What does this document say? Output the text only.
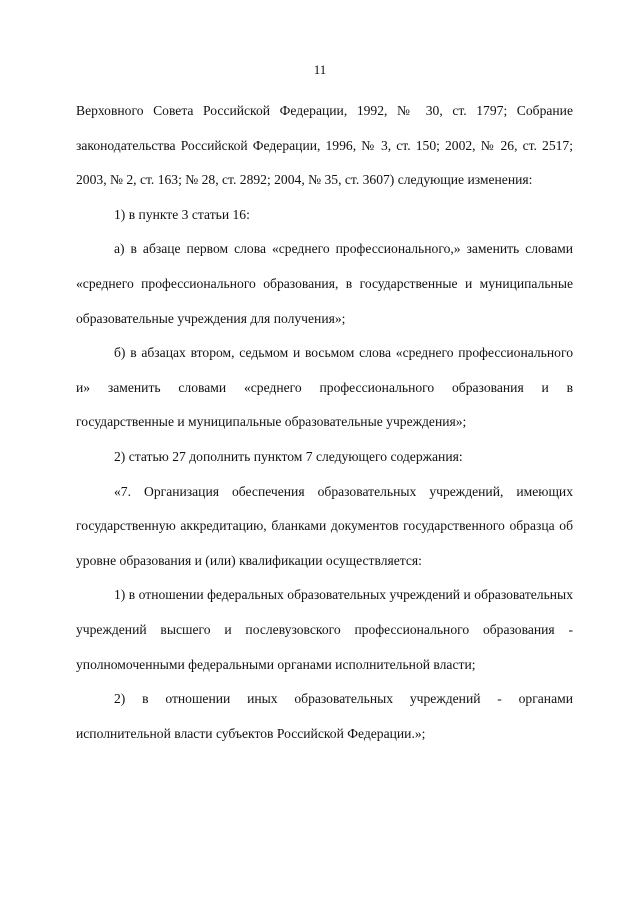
11

Верховного Совета Российской Федерации, 1992, № 30, ст. 1797; Собрание законодательства Российской Федерации, 1996, № 3, ст. 150; 2002, № 26, ст. 2517; 2003, № 2, ст. 163; № 28, ст. 2892; 2004, № 35, ст. 3607) следующие изменения:

1) в пункте 3 статьи 16:

а) в абзаце первом слова «среднего профессионального,» заменить словами «среднего профессионального образования, в государственные и муниципальные образовательные учреждения для получения»;

б) в абзацах втором, седьмом и восьмом слова «среднего профессионального и» заменить словами «среднего профессионального образования и в государственные и муниципальные образовательные учреждения»;

2) статью 27 дополнить пунктом 7 следующего содержания:

«7. Организация обеспечения образовательных учреждений, имеющих государственную аккредитацию, бланками документов государственного образца об уровне образования и (или) квалификации осуществляется:

1) в отношении федеральных образовательных учреждений и образовательных учреждений высшего и послевузовского профессионального образования - уполномоченными федеральными органами исполнительной власти;

2) в отношении иных образовательных учреждений - органами исполнительной власти субъектов Российской Федерации.»;
